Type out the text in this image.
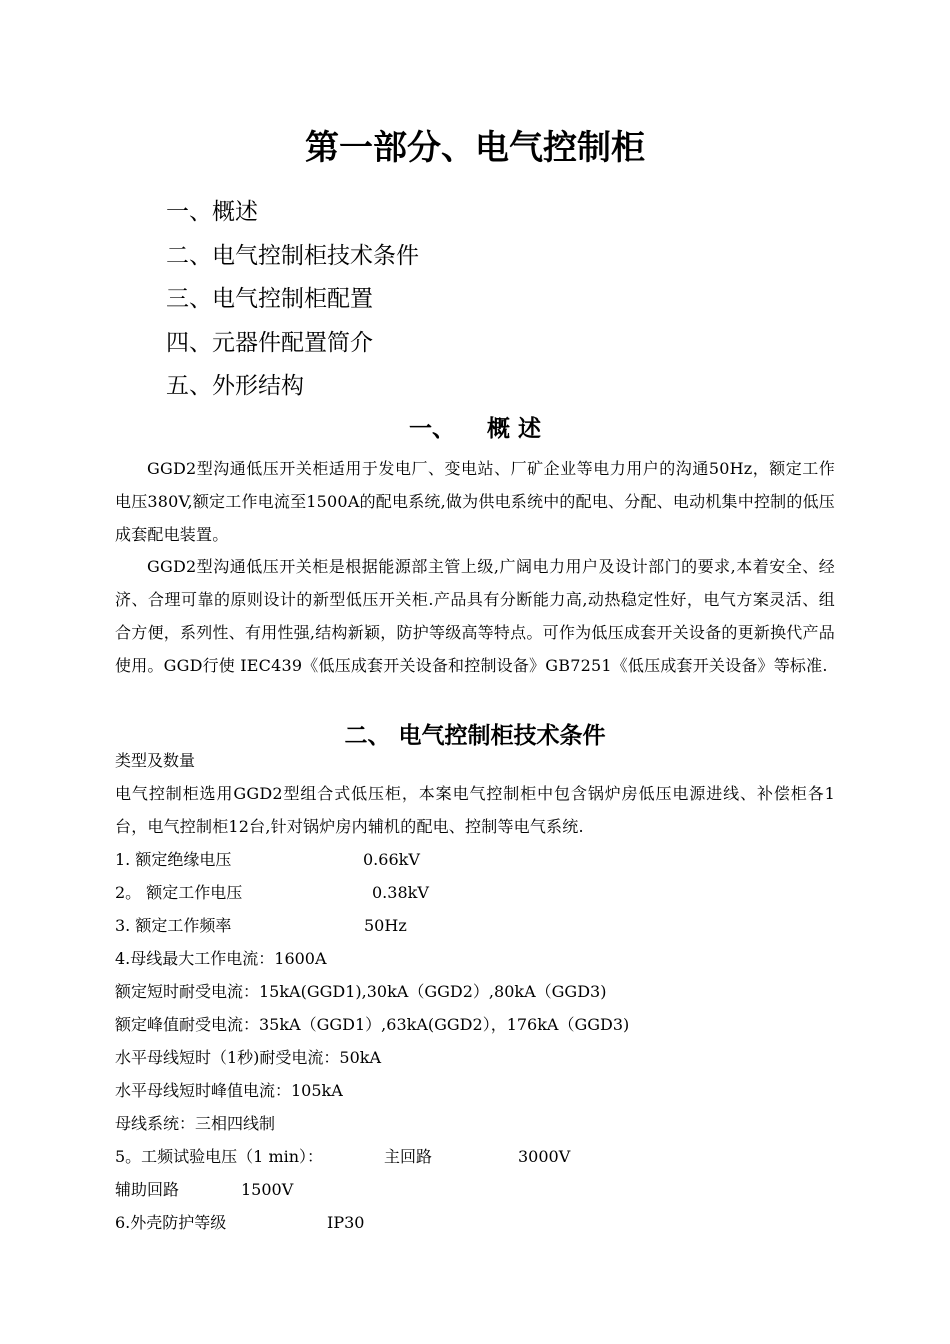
第一部分、电气控制柜
一、概述
二、电气控制柜技术条件
三、电气控制柜配置
四、元器件配置简介
五、外形结构
一、    概 述

GGD2型沟通低压开关柜适用于发电厂、变电站、厂矿企业等电力用户的沟通50Hz，额定工作电压380V,额定工作电流至1500A的配电系统,做为供电系统中的配电、分配、电动机集中控制的低压成套配电装置。

GGD2型沟通低压开关柜是根据能源部主管上级,广阔电力用户及设计部门的要求,本着安全、经济、合理可靠的原则设计的新型低压开关柜.产品具有分断能力高,动热稳定性好，电气方案灵活、组合方便，系列性、有用性强,结构新颖，防护等级高等特点。可作为低压成套开关设备的更新换代产品使用。GGD行使 IEC439《低压成套开关设备和控制设备》GB7251《低压成套开关设备》等标准.

二、 电气控制柜技术条件
类型及数量

电气控制柜选用GGD2型组合式低压柜，本案电气控制柜中包含锅炉房低压电源进线、补偿柜各1台，电气控制柜12台,针对锅炉房内辅机的配电、控制等电气系统.

1. 额定绝缘电压	0.66kV
2。 额定工作电压	0.38kV
3. 额定工作频率	50Hz
4.母线最大工作电流：1600A
额定短时耐受电流：15kA(GGD1),30kA（GGD2）,80kA（GGD3)
额定峰值耐受电流：35kA（GGD1）,63kA(GGD2），176kA（GGD3)
水平母线短时（1秒)耐受电流：50kA
水平母线短时峰值电流：105kA
母线系统：三相四线制
5。工频试验电压（1 min）：	主回路	3000V
辅助回路	1500V
6.外壳防护等级	IP30
